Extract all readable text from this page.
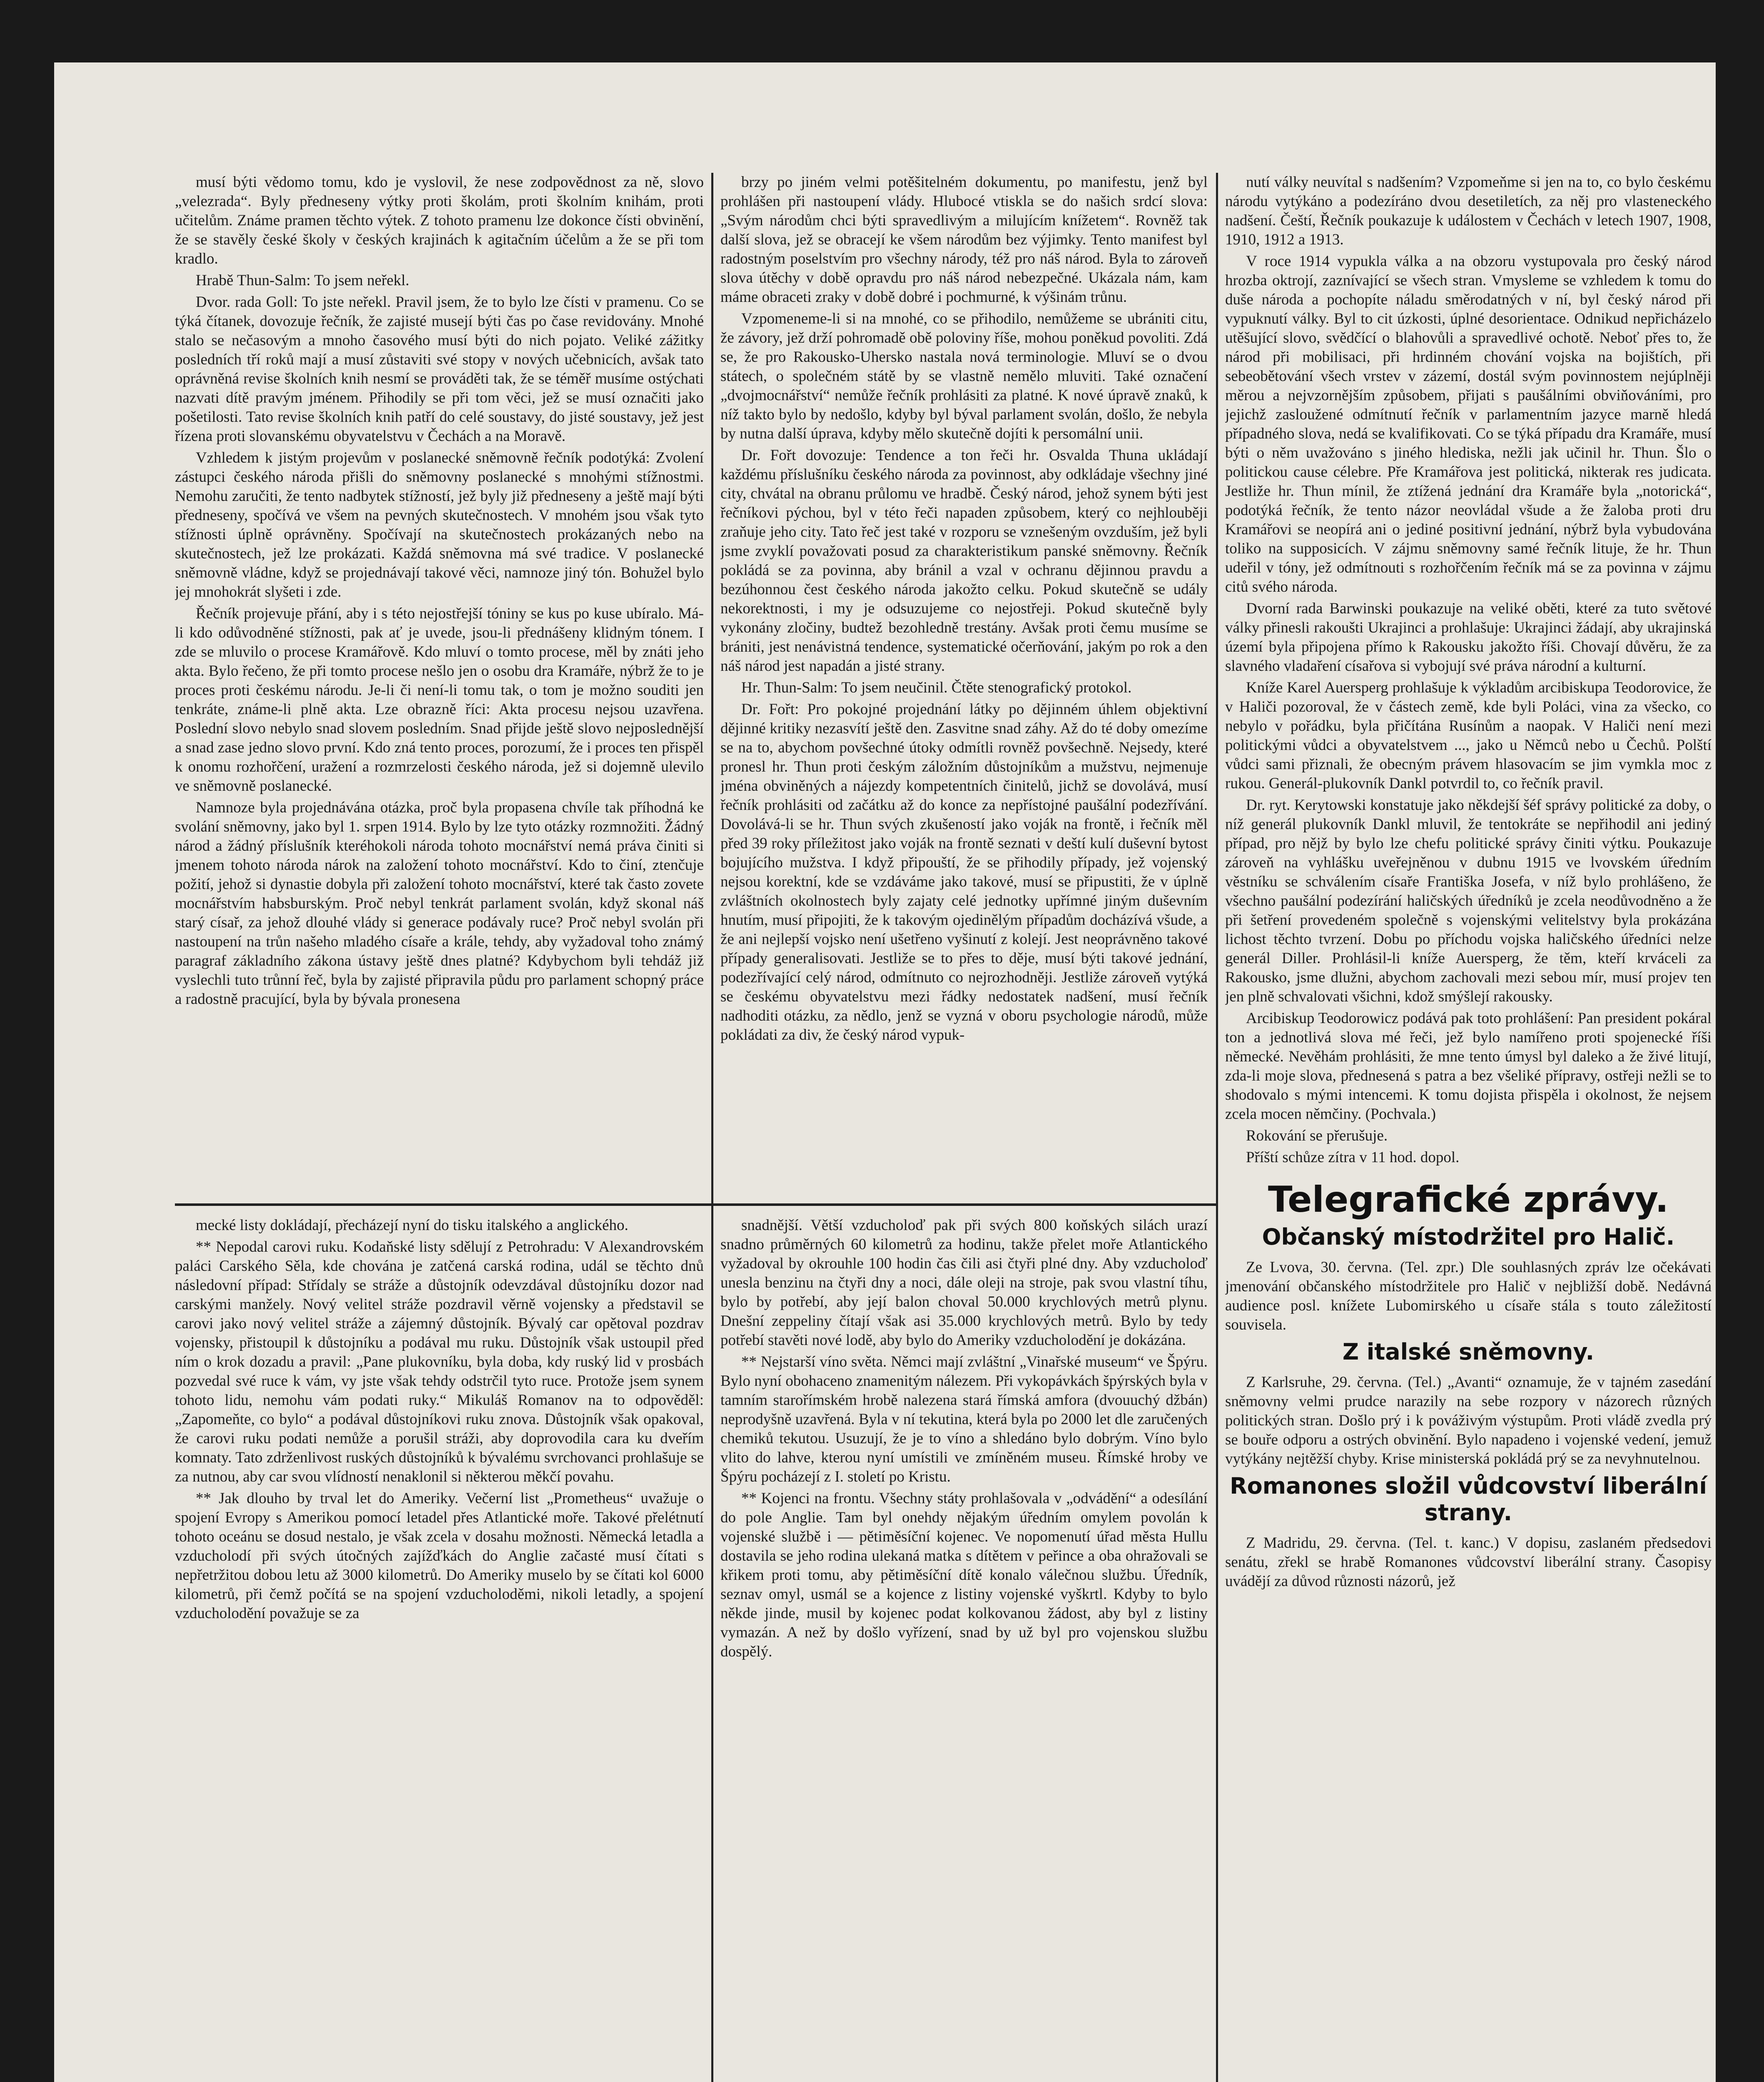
musí býti vědomo tomu, kdo je vyslovil, že nese zodpovědnost za ně, slovo „velezrada“. Byly předneseny výtky proti školám, proti školním knihám, proti učitelům. Známe pramen těchto výtek. Z tohoto pramenu lze dokonce čísti obvinění, že se stavěly české školy v českých krajinách k agitačním účelům a že se při tom kradlo.

Hrabě Thun-Salm: To jsem neřekl.

Dvor. rada Goll: To jste neřekl. Pravil jsem, že to bylo lze čísti v pramenu. Co se týká čítanek, dovozuje řečník, že zajisté musejí býti čas po čase revidovány. Mnohé stalo se nečasovým a mnoho časového musí býti do nich pojato. Veliké zážitky posledních tří roků mají a musí zůstaviti své stopy v nových učebnicích, avšak tato oprávněná revise školních knih nesmí se prováděti tak, že se téměř musíme ostýchati nazvati dítě pravým jménem. Přihodily se při tom věci, jež se musí označiti jako pošetilosti. Tato revise školních knih patří do celé soustavy, do jisté soustavy, jež jest řízena proti slovanskému obyvatelstvu v Čechách a na Moravě.

Vzhledem k jistým projevům v poslanecké sněmovně řečník podotýká: Zvolení zástupci českého národa přišli do sněmovny poslanecké s mnohými stížnostmi. Nemohu zaručiti, že tento nadbytek stížností, jež byly již předneseny a ještě mají býti předneseny, spočívá ve všem na pevných skutečnostech. V mnohém jsou však tyto stížnosti úplně oprávněny. Spočívají na skutečnostech prokázaných nebo na skutečnostech, jež lze prokázati. Každá sněmovna má své tradice. V poslanecké sněmovně vládne, když se projednávají takové věci, namnoze jiný tón. Bohužel bylo jej mnohokrát slyšeti i zde.

Řečník projevuje přání, aby i s této nejostřejší tóniny se kus po kuse ubíralo. Má-li kdo odůvodněné stížnosti, pak ať je uvede, jsou-li přednášeny klidným tónem. I zde se mluvilo o procese Kramářově. Kdo mluví o tomto procese, měl by znáti jeho akta. Bylo řečeno, že při tomto procese nešlo jen o osobu dra Kramáře, nýbrž že to je proces proti českému národu. Je-li či není-li tomu tak, o tom je možno souditi jen tenkráte, známe-li plně akta. Lze obrazně říci: Akta procesu nejsou uzavřena. Poslední slovo nebylo snad slovem posledním. Snad přijde ještě slovo nejposlednější a snad zase jedno slovo první. Kdo zná tento proces, porozumí, že i proces ten přispěl k onomu rozhořčení, uražení a rozmrzelosti českého národa, jež si dojemně ulevilo ve sněmovně poslanecké.

Namnoze byla projednávána otázka, proč byla propasena chvíle tak příhodná ke svolání sněmovny, jako byl 1. srpen 1914. Bylo by lze tyto otázky rozmnožiti. Žádný národ a žádný příslušník kteréhokoli národa tohoto mocnářství nemá práva činiti si jmenem tohoto národa nárok na založení tohoto mocnářství. Kdo to činí, ztenčuje požití, jehož si dynastie dobyla při založení tohoto mocnářství, které tak často zovete mocnářstvím habsburským. Proč nebyl tenkrát parlament svolán, když skonal náš starý císař, za jehož dlouhé vlády si generace podávaly ruce? Proč nebyl svolán při nastoupení na trůn našeho mladého císaře a krále, tehdy, aby vyžadoval toho známý paragraf základního zákona ústavy ještě dnes platné? Kdybychom byli tehdáž již vyslechli tuto trůnní řeč, byla by zajisté připravila půdu pro parlament schopný práce a radostně pracující, byla by bývala pronesena

brzy po jiném velmi potěšitelném dokumentu, po manifestu, jenž byl prohlášen při nastoupení vlády. Hlubocé vtiskla se do našich srdcí slova: „Svým národům chci býti spravedlivým a milujícím knížetem“. Rovněž tak další slova, jež se obracejí ke všem národům bez výjimky. Tento manifest byl radostným poselstvím pro všechny národy, též pro náš národ. Byla to zároveň slova útěchy v době opravdu pro náš národ nebezpečné. Ukázala nám, kam máme obraceti zraky v době dobré i pochmurné, k výšinám trůnu.

Vzpomeneme-li si na mnohé, co se přihodilo, nemůžeme se ubrániti citu, že závory, jež drží pohromadě obě poloviny říše, mohou poněkud povoliti. Zdá se, že pro Rakousko-Uhersko nastala nová terminologie. Mluví se o dvou státech, o společném státě by se vlastně nemělo mluviti. Také označení „dvojmocnářství“ nemůže řečník prohlásiti za platné. K nové úpravě znaků, k níž takto bylo by nedošlo, kdyby byl býval parlament svolán, došlo, že nebyla by nutna další úprava, kdyby mělo skutečně dojíti k persomální unii.

Dr. Fořt dovozuje: Tendence a ton řeči hr. Osvalda Thuna ukládají každému příslušníku českého národa za povinnost, aby odkládaje všechny jiné city, chvátal na obranu průlomu ve hradbě. Český národ, jehož synem býti jest řečníkovi pýchou, byl v této řeči napaden způsobem, který co nejhlouběji zraňuje jeho city. Tato řeč jest také v rozporu se vznešeným ovzduším, jež byli jsme zvyklí považovati posud za charakteristikum panské sněmovny. Řečník pokládá se za povinna, aby bránil a vzal v ochranu dějinnou pravdu a bezúhonnou čest českého národa jakožto celku. Pokud skutečně se udály nekorektnosti, i my je odsuzujeme co nejostřeji. Pokud skutečně byly vykonány zločiny, budtež bezohledně trestány. Avšak proti čemu musíme se brániti, jest nenávistná tendence, systematické očerňování, jakým po rok a den náš národ jest napadán a jisté strany.

Hr. Thun-Salm: To jsem neučinil. Čtěte stenografický protokol.

Dr. Fořt: Pro pokojné projednání látky po dějinném úhlem objektivní dějinné kritiky nezasvítí ještě den. Zasvitne snad záhy. Až do té doby omezíme se na to, abychom povšechné útoky odmítli rovněž povšechně. Nejsedy, které pronesl hr. Thun proti českým záložním důstojníkům a mužstvu, nejmenuje jména obviněných a nájezdy kompetentních činitelů, jichž se dovolává, musí řečník prohlásiti od začátku až do konce za nepřístojné paušální podezřívání. Dovolává-li se hr. Thun svých zkušeností jako voják na frontě, i řečník měl před 39 roky příležitost jako voják na frontě seznati v deští kulí duševní bytost bojujícího mužstva. I když připouští, že se přihodily případy, jež vojenský nejsou korektní, kde se vzdáváme jako takové, musí se připustiti, že v úplně zvláštních okolnostech byly zajaty celé jednotky upřímné jiným duševním hnutím, musí připojiti, že k takovým ojedinělým případům docházívá všude, a že ani nejlepší vojsko není ušetřeno vyšinutí z kolejí. Jest neoprávněno takové případy generalisovati. Jestliže se to přes to děje, musí býti takové jednání, podezřívající celý národ, odmítnuto co nejrozhodněji. Jestliže zároveň vytýká se českému obyvatelstvu mezi řádky nedostatek nadšení, musí řečník nadhoditi otázku, za nědlo, jenž se vyzná v oboru psychologie národů, může pokládati za div, že český národ vypuk-

nutí války neuvítal s nadšením? Vzpomeňme si jen na to, co bylo českému národu vytýkáno a podezíráno dvou desetiletích, za něj pro vlasteneckého nadšení. Čeští, Řečník poukazuje k událostem v Čechách v letech 1907, 1908, 1910, 1912 a 1913.

V roce 1914 vypukla válka a na obzoru vystupovala pro český národ hrozba oktrojí, zaznívající se všech stran. Vmysleme se vzhledem k tomu do duše národa a pochopíte náladu směrodatných v ní, byl český národ při vypuknutí války. Byl to cit úzkosti, úplné desorientace. Odnikud nepřicházelo utěšující slovo, svědčící o blahovůli a spravedlivé ochotě. Neboť přes to, že národ při mobilisaci, při hrdinném chování vojska na bojištích, při sebeobětování všech vrstev v zázemí, dostál svým povinnostem nejúplněji měrou a nejvzornějším způsobem, přijati s paušálními obviňováními, pro jejichž zasloužené odmítnutí řečník v parlamentním jazyce marně hledá případného slova, nedá se kvalifikovati. Co se týká případu dra Kramáře, musí býti o něm uvažováno s jiného hlediska, nežli jak učinil hr. Thun. Šlo o politickou cause célebre. Pře Kramářova jest politická, nikterak res judicata. Jestliže hr. Thun mínil, že ztížená jednání dra Kramáře byla „notorická“, podotýká řečník, že tento názor neovládal všude a že žaloba proti dru Kramářovi se neopírá ani o jediné positivní jednání, nýbrž byla vybudována toliko na supposicích. V zájmu sněmovny samé řečník lituje, že hr. Thun udeřil v tóny, jež odmítnouti s rozhořčením řečník má se za povinna v zájmu citů svého národa.

Dvorní rada Barwinski poukazuje na veliké oběti, které za tuto světové války přinesli rakoušti Ukrajinci a prohlašuje: Ukrajinci žádají, aby ukrajinská území byla připojena přímo k Rakousku jakožto říši. Chovají důvěru, že za slavného vladaření císařova si vybojují své práva národní a kulturní.

Kníže Karel Auersperg prohlašuje k výkladům arcibiskupa Teodorovice, že v Haliči pozoroval, že v částech země, kde byli Poláci, vina za všecko, co nebylo v pořádku, byla přičítána Rusínům a naopak. V Haliči není mezi politickými vůdci a obyvatelstvem ..., jako u Němců nebo u Čechů. Polští vůdci sami přiznali, že obecným právem hlasovacím se jim vymkla moc z rukou. Generál-plukovník Dankl potvrdil to, co řečník pravil.

Dr. ryt. Kerytowski konstatuje jako někdejší šéf správy politické za doby, o níž generál plukovník Dankl mluvil, že tentokráte se nepřihodil ani jediný případ, pro nějž by bylo lze chefu politické správy činiti výtku. Poukazuje zároveň na vyhlášku uveřejněnou v dubnu 1915 ve lvovském úředním věstníku se schválením císaře Františka Josefa, v níž bylo prohlášeno, že všechno paušální podezírání haličských úředníků je zcela neodůvodněno a že při šetření provedeném společně s vojenskými velitelstvy byla prokázána lichost těchto tvrzení. Dobu po příchodu vojska haličského úředníci nelze generál Diller. Prohlásil-li kníže Auersperg, že těm, kteří krváceli za Rakousko, jsme dlužni, abychom zachovali mezi sebou mír, musí projev ten jen plně schvalovati všichni, kdož smýšlejí rakousky.

Arcibiskup Teodorowicz podává pak toto prohlášení: Pan president pokáral ton a jednotlivá slova mé řeči, jež bylo namířeno proti spojenecké říši německé. Nevěhám prohlásiti, že mne tento úmysl byl daleko a že živé litují, zda-li moje slova, přednesená s patra a bez všeliké přípravy, ostřeji nežli se to shodovalo s mými intencemi. K tomu dojista přispěla i okolnost, že nejsem zcela mocen němčiny. (Pochvala.)

Rokování se přerušuje.

Příští schůze zítra v 11 hod. dopol.

Telegrafické zprávy.
Občanský místodržitel pro Halič.

Ze Lvova, 30. června. (Tel. zpr.) Dle souhlasných zpráv lze očekávati jmenování občanského místodržitele pro Halič v nejbližší době. Nedávná audience posl. knížete Lubomirského u císaře stála s touto záležitostí souvisela.

Z italské sněmovny.

Z Karlsruhe, 29. června. (Tel.) „Avanti“ oznamuje, že v tajném zasedání sněmovny velmi prudce narazily na sebe rozpory v názorech různých politických stran. Došlo prý i k pováživým výstupům. Proti vládě zvedla prý se bouře odporu a ostrých obvinění. Bylo napadeno i vojenské vedení, jemuž vytýkány nejtěžší chyby. Krise ministerská pokládá prý se za nevyhnutelnou.

Romanones složil vůdcovství liberální strany.

Z Madridu, 29. června. (Tel. t. kanc.) V dopisu, zaslaném předsedovi senátu, zřekl se hrabě Romanones vůdcovství liberální strany. Časopisy uvádějí za důvod různosti názorů, jež

mecké listy dokládají, přecházejí nyní do tisku italského a anglického.

** Nepodal carovi ruku. Kodaňské listy sdělují z Petrohradu: V Alexandrovském paláci Carského Sěla, kde chována je zatčená carská rodina, udál se těchto dnů následovní případ: Střídaly se stráže a důstojník odevzdával důstojníku dozor nad carskými manžely. Nový velitel stráže pozdravil věrně vojensky a představil se carovi jako nový velitel stráže a zájemný důstojník. Bývalý car opětoval pozdrav vojensky, přistoupil k důstojníku a podával mu ruku. Důstojník však ustoupil před ním o krok dozadu a pravil: „Pane plukovníku, byla doba, kdy ruský lid v prosbách pozvedal své ruce k vám, vy jste však tehdy odstrčil tyto ruce. Protože jsem synem tohoto lidu, nemohu vám podati ruky.“ Mikuláš Romanov na to odpověděl: „Zapomeňte, co bylo“ a podával důstojníkovi ruku znova. Důstojník však opakoval, že carovi ruku podati nemůže a porušil stráži, aby doprovodila cara ku dveřím komnaty. Tato zdrženlivost ruských důstojníků k bývalému svrchovanci prohlašuje se za nutnou, aby car svou vlídností nenaklonil si některou měkčí povahu.

** Jak dlouho by trval let do Ameriky. Večerní list „Prometheus“ uvažuje o spojení Evropy s Amerikou pomocí letadel přes Atlantické moře. Takové přelétnutí tohoto oceánu se dosud nestalo, je však zcela v dosahu možnosti. Německá letadla a vzducholodí při svých útočných zajížďkách do Anglie začasté musí čítati s nepřetržitou dobou letu až 3000 kilometrů. Do Ameriky muselo by se čítati kol 6000 kilometrů, při čemž počítá se na spojení vzducholoděmi, nikoli letadly, a spojení vzducholodění považuje se za

snadnější. Větší vzducholoď pak při svých 800 koňských silách urazí snadno průměrných 60 kilometrů za hodinu, takže přelet moře Atlantického vyžadoval by okrouhle 100 hodin čas čili asi čtyři plné dny. Aby vzducholoď unesla benzinu na čtyři dny a noci, dále oleji na stroje, pak svou vlastní tíhu, bylo by potřebí, aby její balon choval 50.000 krychlových metrů plynu. Dnešní zeppeliny čítají však asi 35.000 krychlových metrů. Bylo by tedy potřebí stavěti nové lodě, aby bylo do Ameriky vzducholodění je dokázána.

** Nejstarší víno světa. Němci mají zvláštní „Vinařské museum“ ve Špýru. Bylo nyní obohaceno znamenitým nálezem. Při vykopávkách špýrských byla v tamním starořímském hrobě nalezena stará římská amfora (dvouuchý džbán) neprodyšně uzavřená. Byla v ní tekutina, která byla po 2000 let dle zaručených chemiků tekutou. Usuzují, že je to víno a shledáno bylo dobrým. Víno bylo vlito do lahve, kterou nyní umístili ve zmíněném museu. Římské hroby ve Špýru pocházejí z I. století po Kristu.

** Kojenci na frontu. Všechny státy prohlašovala v „odvádění“ a odesílání do pole Anglie. Tam byl onehdy nějakým úředním omylem povolán k vojenské službě i — pětiměsíční kojenec. Ve nopomenutí úřad města Hullu dostavila se jeho rodina ulekaná matka s dítětem v peřince a oba ohražovali se křikem proti tomu, aby pětiměsíční dítě konalo válečnou službu. Úředník, seznav omyl, usmál se a kojence z listiny vojenské vyškrtl. Kdyby to bylo někde jinde, musil by kojenec podat kolkovanou žádost, aby byl z listiny vymazán. A než by došlo vyřízení, snad by už byl pro vojenskou službu dospělý.
